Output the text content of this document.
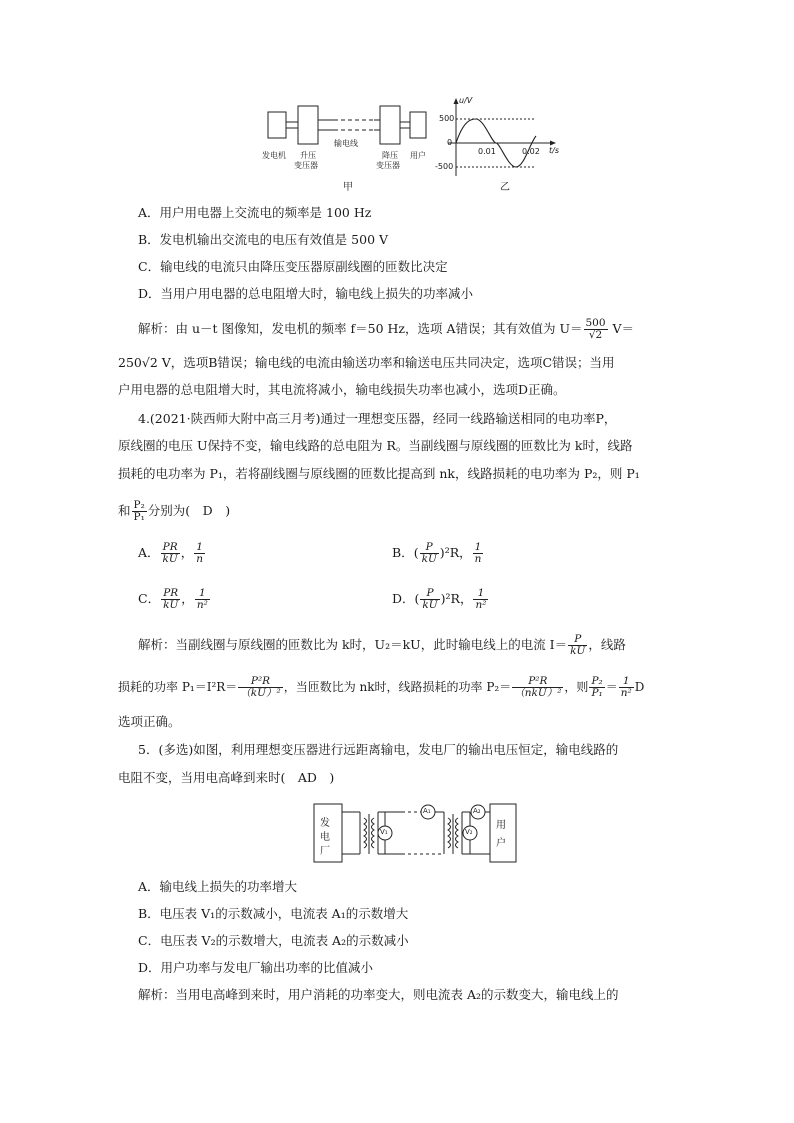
发电机 升压
变压器
输电线
降压
变压器
用户
甲
u/V
t/s
500
0
-500
0.01	0.02
乙
A．用户用电器上交流电的频率是 100 Hz
B．发电机输出交流电的电压有效值是 500 V
C．输电线的电流只由降压变压器原副线圈的匝数比决定
D．当用户用电器的总电阻增大时，输电线上损失的功率减小
解析：由 u－t 图像知，发电机的频率 f＝50 Hz，选项 A错误；其有效值为 $U= \frac{500}{√2} V=$
250√2 V，选项B错误；输电线的电流由输送功率和输送电压共同决定，选项C错误；当用
户用电器的总电阻增大时，其电流将减小，输电线损失功率也减小，选项D正确。
4.(2021·陕西师大附中高三月考)通过一理想变压器，经同一线路输送相同的电功率P，
原线圈的电压 U保持不变，输电线路的总电阻为 R。当副线圈与原线圈的匝数比为 k时，线路
损耗的电功率为 P₁，若将副线圈与原线圈的匝数比提高到 nk，线路损耗的电功率为 P₂，则 P₁
和 $\frac{\text{P₂}}{\text{P₁}}$ 分别为(　D　)
A． $\frac{PR}{kU}$ ， $\frac{1}{n}$	B．( $\frac{P}{kU} )^2R$， $\frac{1}{n}$
C． $\frac{PR}{kU}$ ， $\frac{1}{\text{n²}}$	D．( $\frac{P}{kU} )^2R$， $\frac{1}{\text{n²}}$
解析：当副线圈与原线圈的匝数比为 k时，U₂＝kU，此时输电线上的电流 $I= \frac{P}{kU}$ ，线路
损耗的功率 $P_1=I^2R= \frac{\text{P²R}}{\text{（kU）²}}$ ，当匝数比为 nk时，线路损耗的功率 $P_2= \frac{\text{P²R}}{\text{（nkU）²}}$ ，则 $\frac{\text{P₂}}{\text{P₁}} = \frac{1}{\text{n²}}$ D
选项正确。
5．(多选)如图，利用理想变压器进行远距离输电，发电厂的输出电压恒定，输电线路的
电阻不变，当用电高峰到来时(　AD　)
发
电
厂
V₁
A₁
V₂
A₂
用
户
A．输电线上损失的功率增大
B．电压表 V₁的示数减小，电流表 A₁的示数增大
C．电压表 V₂的示数增大，电流表 A₂的示数减小
D．用户功率与发电厂输出功率的比值减小
解析：当用电高峰到来时，用户消耗的功率变大，则电流表 A₂的示数变大，输电线上的
